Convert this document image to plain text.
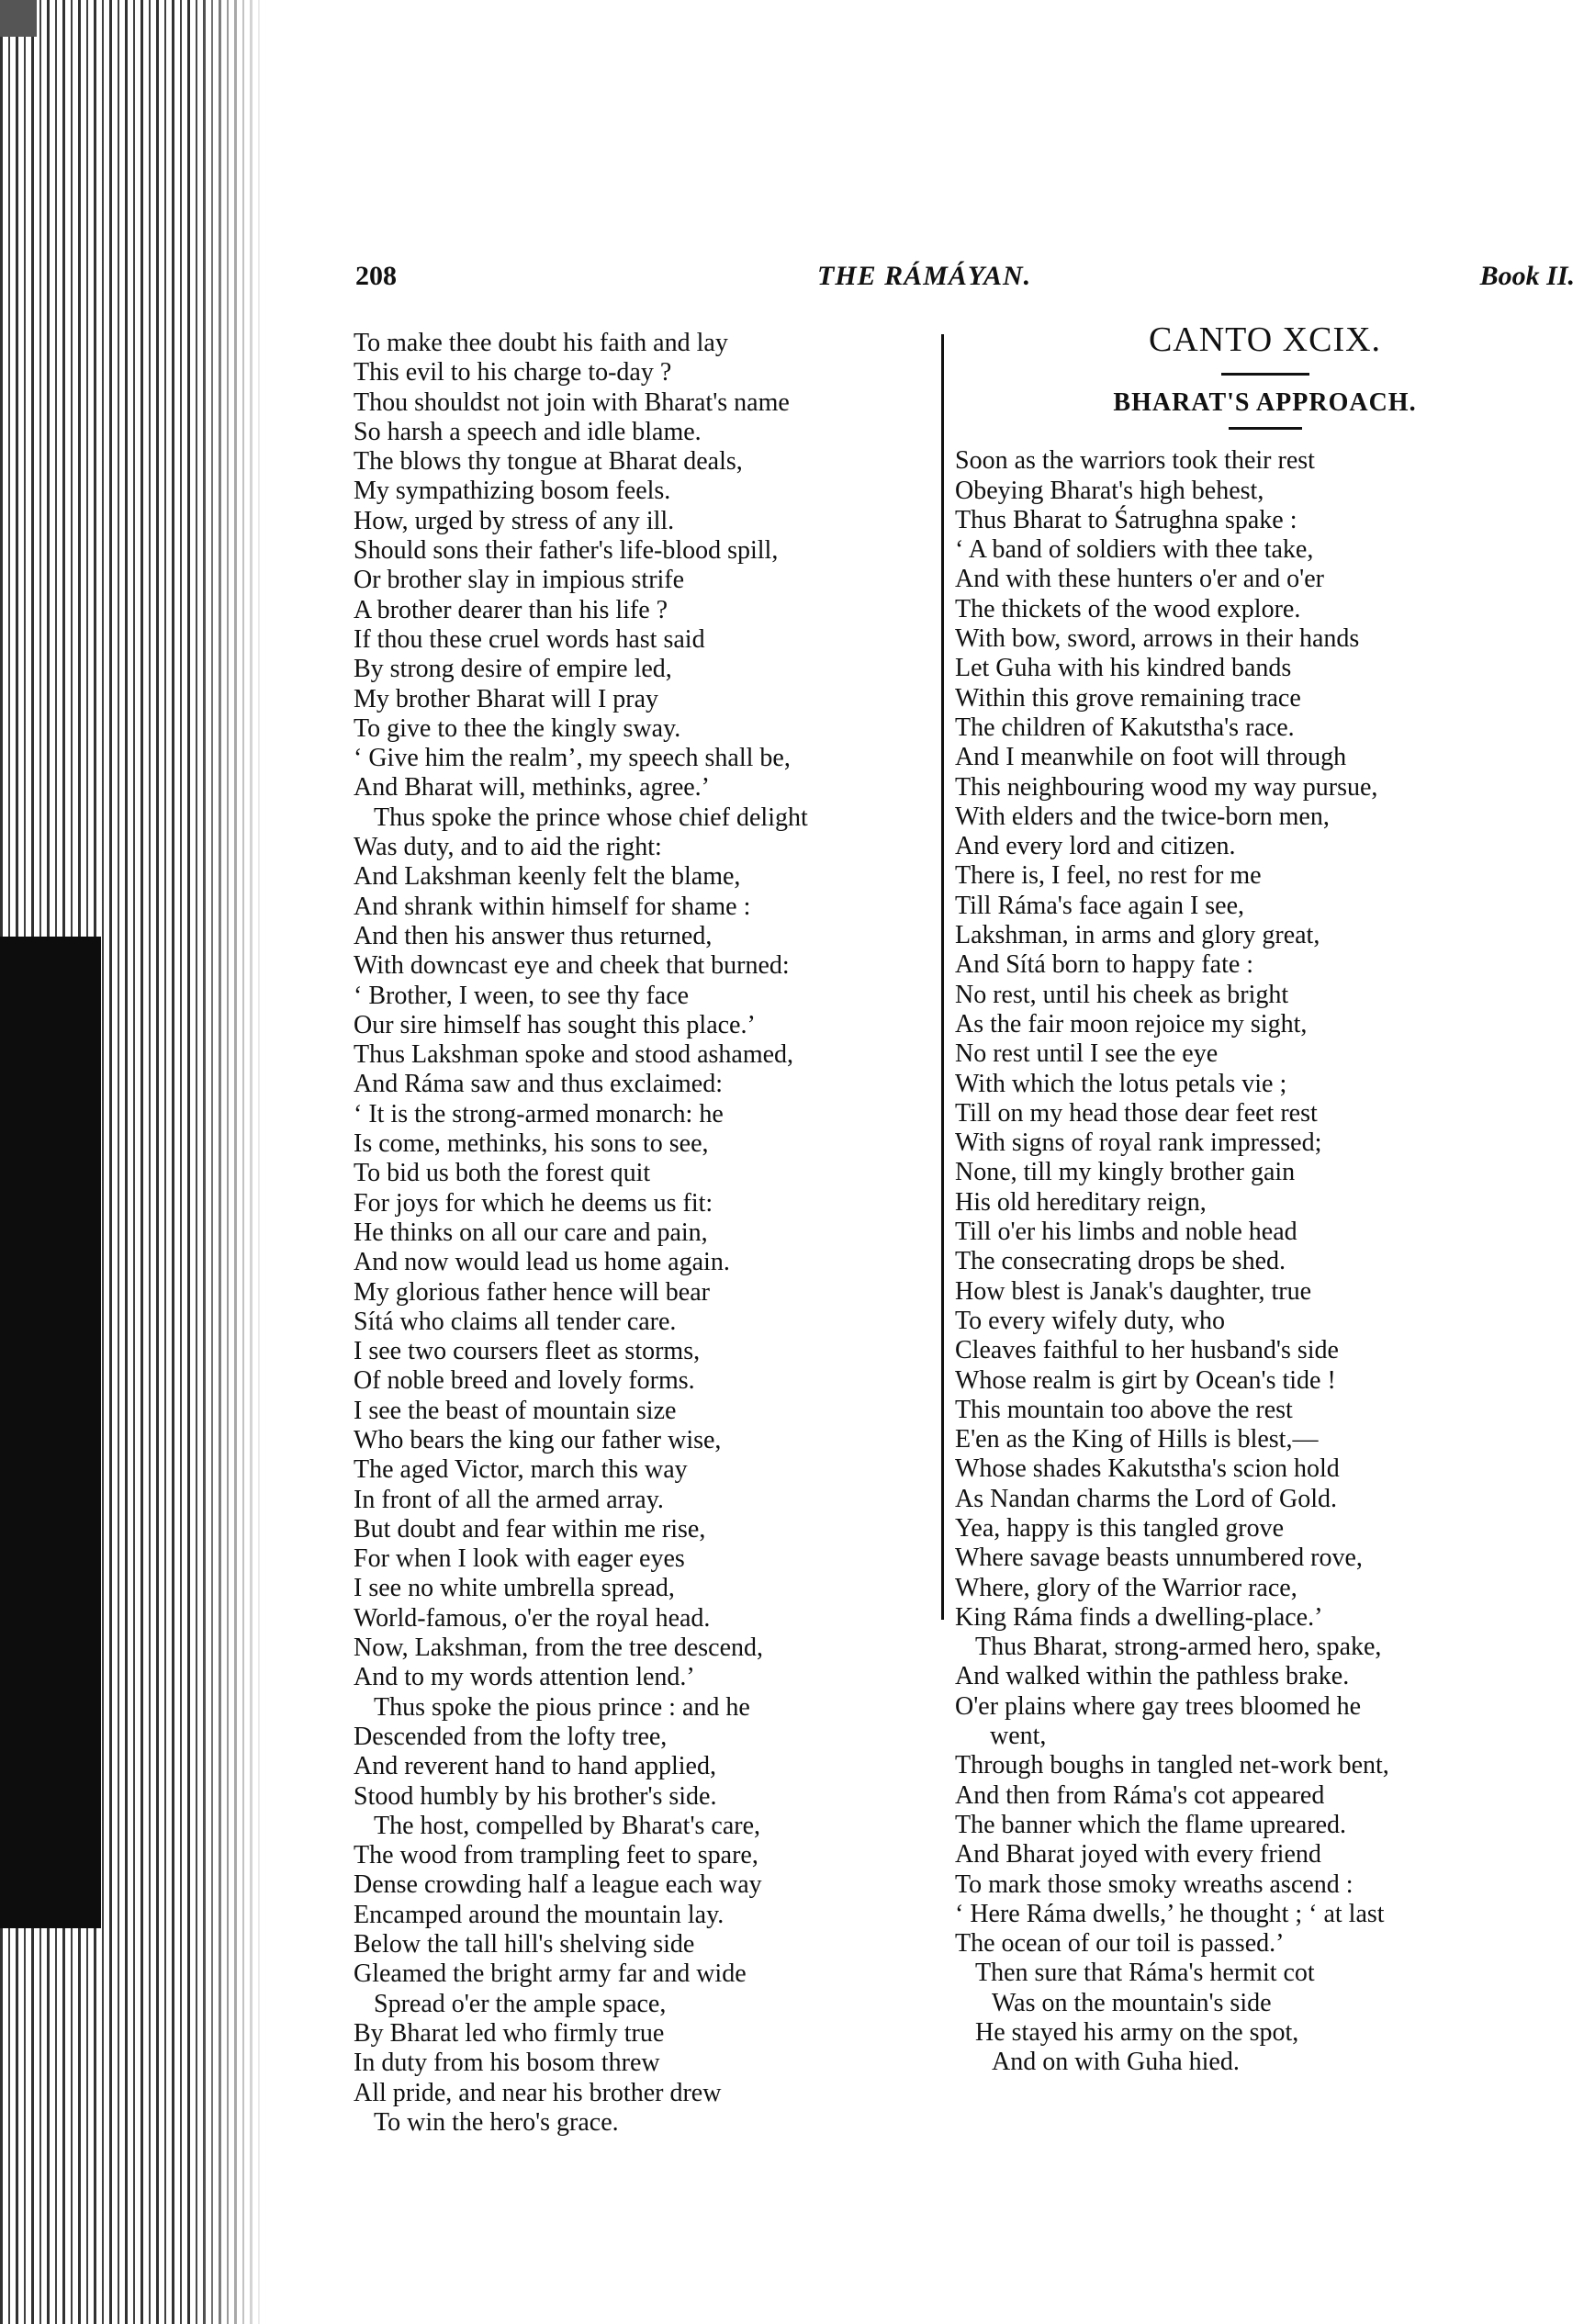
208	THE RÁMÁYAN.	Book II.
To make thee doubt his faith and lay
This evil to his charge to-day ?
Thou shouldst not join with Bharat's name
So harsh a speech and idle blame.
The blows thy tongue at Bharat deals,
My sympathizing bosom feels.
How, urged by stress of any ill.
Should sons their father's life-blood spill,
Or brother slay in impious strife
A brother dearer than his life ?
If thou these cruel words hast said
By strong desire of empire led,
My brother Bharat will I pray
To give to thee the kingly sway.
‘ Give him the realm’, my speech shall be,
And Bharat will, methinks, agree.’
Thus spoke the prince whose chief delight
Was duty, and to aid the right:
And Lakshman keenly felt the blame,
And shrank within himself for shame :
And then his answer thus returned,
With downcast eye and cheek that burned:
‘ Brother, I ween, to see thy face
Our sire himself has sought this place.’
Thus Lakshman spoke and stood ashamed,
And Ráma saw and thus exclaimed:
‘ It is the strong-armed monarch: he
Is come, methinks, his sons to see,
To bid us both the forest quit
For joys for which he deems us fit:
He thinks on all our care and pain,
And now would lead us home again.
My glorious father hence will bear
Sítá who claims all tender care.
I see two coursers fleet as storms,
Of noble breed and lovely forms.
I see the beast of mountain size
Who bears the king our father wise,
The aged Victor, march this way
In front of all the armed array.
But doubt and fear within me rise,
For when I look with eager eyes
I see no white umbrella spread,
World-famous, o'er the royal head.
Now, Lakshman, from the tree descend,
And to my words attention lend.’
Thus spoke the pious prince : and he
Descended from the lofty tree,
And reverent hand to hand applied,
Stood humbly by his brother's side.
The host, compelled by Bharat's care,
The wood from trampling feet to spare,
Dense crowding half a league each way
Encamped around the mountain lay.
Below the tall hill's shelving side
Gleamed the bright army far and wide
Spread o'er the ample space,
By Bharat led who firmly true
In duty from his bosom threw
All pride, and near his brother drew
To win the hero's grace.
CANTO XCIX.
BHARAT'S APPROACH.
Soon as the warriors took their rest
Obeying Bharat's high behest,
Thus Bharat to Śatrughna spake :
‘ A band of soldiers with thee take,
And with these hunters o'er and o'er
The thickets of the wood explore.
With bow, sword, arrows in their hands
Let Guha with his kindred bands
Within this grove remaining trace
The children of Kakutstha's race.
And I meanwhile on foot will through
This neighbouring wood my way pursue,
With elders and the twice-born men,
And every lord and citizen.
There is, I feel, no rest for me
Till Ráma's face again I see,
Lakshman, in arms and glory great,
And Sítá born to happy fate :
No rest, until his cheek as bright
As the fair moon rejoice my sight,
No rest until I see the eye
With which the lotus petals vie ;
Till on my head those dear feet rest
With signs of royal rank impressed;
None, till my kingly brother gain
His old hereditary reign,
Till o'er his limbs and noble head
The consecrating drops be shed.
How blest is Janak's daughter, true
To every wifely duty, who
Cleaves faithful to her husband's side
Whose realm is girt by Ocean's tide !
This mountain too above the rest
E'en as the King of Hills is blest,—
Whose shades Kakutstha's scion hold
As Nandan charms the Lord of Gold.
Yea, happy is this tangled grove
Where savage beasts unnumbered rove,
Where, glory of the Warrior race,
King Ráma finds a dwelling-place.’
Thus Bharat, strong-armed hero, spake,
And walked within the pathless brake.
O'er plains where gay trees bloomed he
went,
Through boughs in tangled net-work bent,
And then from Ráma's cot appeared
The banner which the flame upreared.
And Bharat joyed with every friend
To mark those smoky wreaths ascend :
‘ Here Ráma dwells,’ he thought ; ‘ at last
The ocean of our toil is passed.’
Then sure that Ráma's hermit cot
Was on the mountain's side
He stayed his army on the spot,
And on with Guha hied.
